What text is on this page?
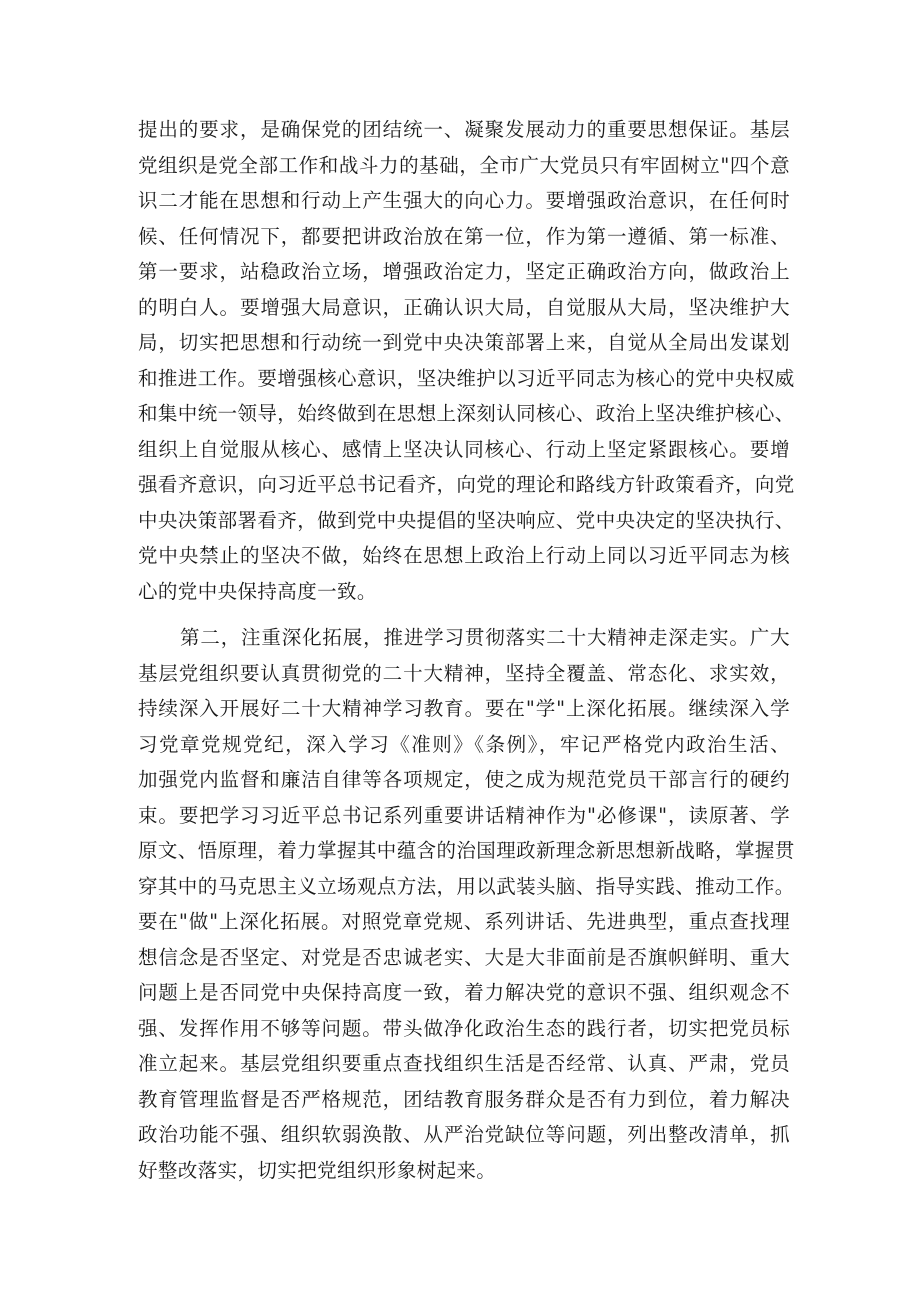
提出的要求，是确保党的团结统一、凝聚发展动力的重要思想保证。基层
党组织是党全部工作和战斗力的基础，全市广大党员只有牢固树立"四个意
识二才能在思想和行动上产生强大的向心力。要增强政治意识，在任何时
候、任何情况下，都要把讲政治放在第一位，作为第一遵循、第一标准、
第一要求，站稳政治立场，增强政治定力，坚定正确政治方向，做政治上
的明白人。要增强大局意识，正确认识大局，自觉服从大局，坚决维护大
局，切实把思想和行动统一到党中央决策部署上来，自觉从全局出发谋划
和推进工作。要增强核心意识，坚决维护以习近平同志为核心的党中央权威
和集中统一领导，始终做到在思想上深刻认同核心、政治上坚决维护核心、
组织上自觉服从核心、感情上坚决认同核心、行动上坚定紧跟核心。要增
强看齐意识，向习近平总书记看齐，向党的理论和路线方针政策看齐，向党
中央决策部署看齐，做到党中央提倡的坚决响应、党中央决定的坚决执行、
党中央禁止的坚决不做，始终在思想上政治上行动上同以习近平同志为核
心的党中央保持高度一致。
第二，注重深化拓展，推进学习贯彻落实二十大精神走深走实。广大
基层党组织要认真贯彻党的二十大精神，坚持全覆盖、常态化、求实效，
持续深入开展好二十大精神学习教育。要在"学"上深化拓展。继续深入学
习党章党规党纪，深入学习《准则》《条例》，牢记严格党内政治生活、
加强党内监督和廉洁自律等各项规定，使之成为规范党员干部言行的硬约
束。要把学习习近平总书记系列重要讲话精神作为"必修课"，读原著、学
原文、悟原理，着力掌握其中蕴含的治国理政新理念新思想新战略，掌握贯
穿其中的马克思主义立场观点方法，用以武装头脑、指导实践、推动工作。
要在"做"上深化拓展。对照党章党规、系列讲话、先进典型，重点查找理
想信念是否坚定、对党是否忠诚老实、大是大非面前是否旗帜鲜明、重大
问题上是否同党中央保持高度一致，着力解决党的意识不强、组织观念不
强、发挥作用不够等问题。带头做净化政治生态的践行者，切实把党员标
准立起来。基层党组织要重点查找组织生活是否经常、认真、严肃，党员
教育管理监督是否严格规范，团结教育服务群众是否有力到位，着力解决
政治功能不强、组织软弱涣散、从严治党缺位等问题，列出整改清单，抓
好整改落实，切实把党组织形象树起来。
